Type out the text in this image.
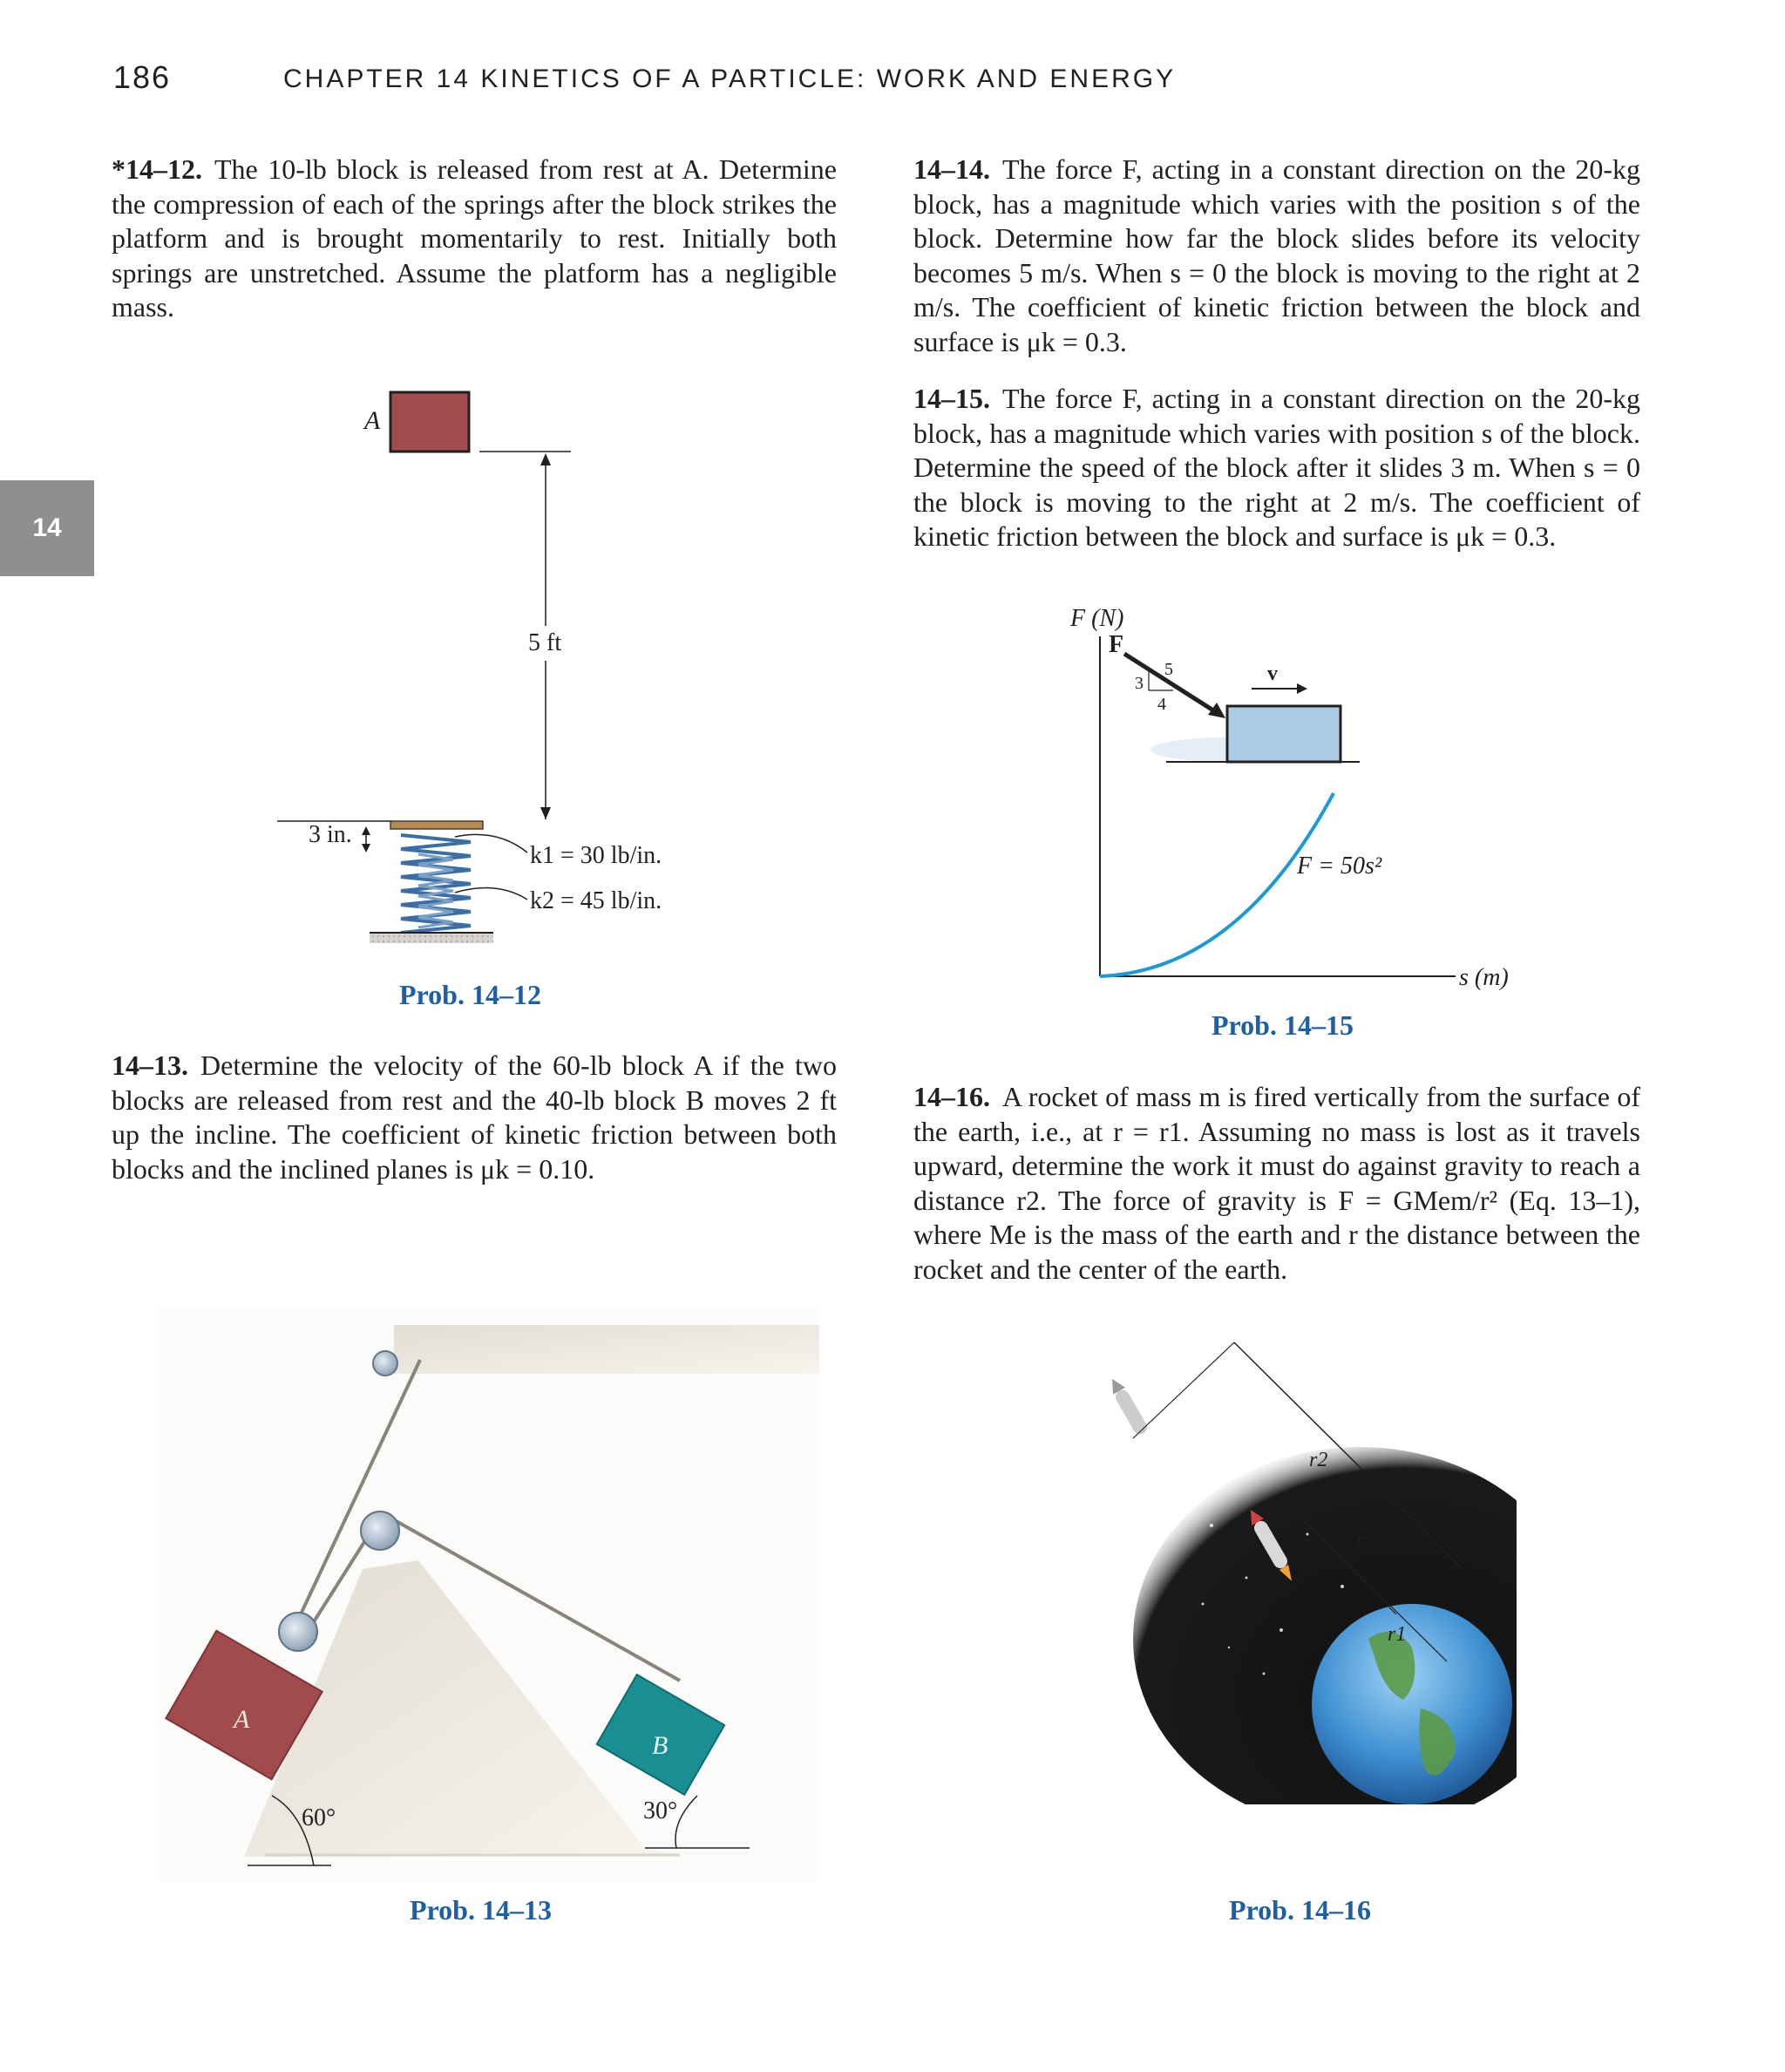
186	CHAPTER 14 KINETICS OF A PARTICLE: WORK AND ENERGY
14
*14–12. The 10-lb block is released from rest at A. Determine the compression of each of the springs after the block strikes the platform and is brought momentarily to rest. Initially both springs are unstretched. Assume the platform has a negligible mass.
14–13. Determine the velocity of the 60-lb block A if the two blocks are released from rest and the 40-lb block B moves 2 ft up the incline. The coefficient of kinetic friction between both blocks and the inclined planes is μk = 0.10.
14–14. The force F, acting in a constant direction on the 20-kg block, has a magnitude which varies with the position s of the block. Determine how far the block slides before its velocity becomes 5 m/s. When s = 0 the block is moving to the right at 2 m/s. The coefficient of kinetic friction between the block and surface is μk = 0.3.
14–15. The force F, acting in a constant direction on the 20-kg block, has a magnitude which varies with position s of the block. Determine the speed of the block after it slides 3 m. When s = 0 the block is moving to the right at 2 m/s. The coefficient of kinetic friction between the block and surface is μk = 0.3.
14–16. A rocket of mass m is fired vertically from the surface of the earth, i.e., at r = r1. Assuming no mass is lost as it travels upward, determine the work it must do against gravity to reach a distance r2. The force of gravity is F = GMem/r² (Eq. 13–1), where Me is the mass of the earth and r the distance between the rocket and the center of the earth.
A
5 ft
3 in.
k1 = 30 lb/in.
k2 = 45 lb/in.
Prob. 14–12
A
B
60°	30°
Prob. 14–13
F (N)
s (m)
F = 50s²
F
3
4
5	v
Prob. 14–15
r2
r
r1
Prob. 14–16
